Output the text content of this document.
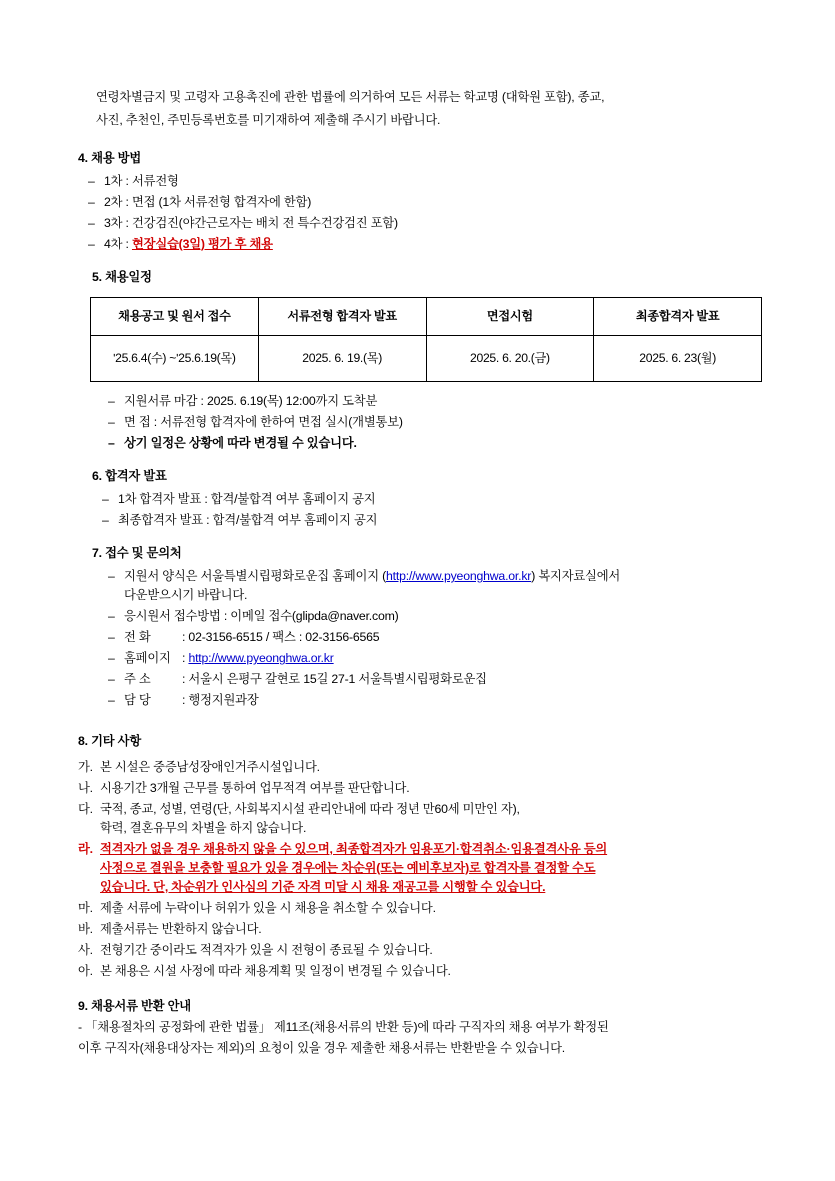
연령차별금지 및 고령자 고용촉진에 관한 법률에 의거하여 모든 서류는 학교명 (대학원 포함), 종교,
사진, 추천인, 주민등록번호를 미기재하여 제출해 주시기 바랍니다.
4. 채용 방법
– 1차 : 서류전형
– 2차 : 면접 (1차 서류전형 합격자에 한함)
– 3차 : 건강검진(야간근로자는 배치 전 특수건강검진 포함)
– 4차 : 현장실습(3일) 평가 후 채용
5. 채용일정
채용공고 및 원서 접수	서류전형 합격자 발표	면접시험	최종합격자 발표
ʹ25.6.4(수) ~ʹ25.6.19(목)	2025. 6. 19.(목)	2025. 6. 20.(금)	2025. 6. 23(월)
– 지원서류 마감 : 2025. 6.19(목) 12:00까지 도착분
– 면 접 : 서류전형 합격자에 한하여 면접 실시(개별통보)
– 상기 일정은 상황에 따라 변경될 수 있습니다.
6. 합격자 발표
– 1차 합격자 발표 : 합격/불합격 여부 홈페이지 공지
– 최종합격자 발표 : 합격/불합격 여부 홈페이지 공지
7. 접수 및 문의처
– 지원서 양식은 서울특별시립평화로운집 홈페이지 (http://www.pyeonghwa.or.kr) 복지자료실에서
다운받으시기 바랍니다.
– 응시원서 접수방법 : 이메일 접수(glipda@naver.com)
– 전 화	: 02-3156-6515 / 팩스 : 02-3156-6565
– 홈페이지 : http://www.pyeonghwa.or.kr
– 주 소	: 서울시 은평구 갈현로 15길 27-1 서울특별시립평화로운집
– 담 당	: 행정지원과장
8. 기타 사항
가. 본 시설은 중증남성장애인거주시설입니다.
나. 시용기간 3개월 근무를 통하여 업무적격 여부를 판단합니다.
다. 국적, 종교, 성별, 연령(단, 사회복지시설 관리안내에 따라 정년 만60세 미만인 자),
학력, 결혼유무의 차별을 하지 않습니다.
라. 적격자가 없을 경우 채용하지 않을 수 있으며, 최종합격자가 임용포기·합격취소·임용결격사유 등의
사정으로 결원을 보충할 필요가 있을 경우에는 차순위(또는 예비후보자)로 합격자를 결정할 수도
있습니다. 단, 차순위가 인사심의 기준 자격 미달 시 채용 재공고를 시행할 수 있습니다.
마. 제출 서류에 누락이나 허위가 있을 시 채용을 취소할 수 있습니다.
바. 제출서류는 반환하지 않습니다.
사. 전형기간 중이라도 적격자가 있을 시 전형이 종료될 수 있습니다.
아. 본 채용은 시설 사정에 따라 채용계획 및 일정이 변경될 수 있습니다.
9. 채용서류 반환 안내

- 「채용절차의 공정화에 관한 법률」 제11조(채용서류의 반환 등)에 따라 구직자의 채용 여부가 확정된

이후 구직자(채용대상자는 제외)의 요청이 있을 경우 제출한 채용서류는 반환받을 수 있습니다.
